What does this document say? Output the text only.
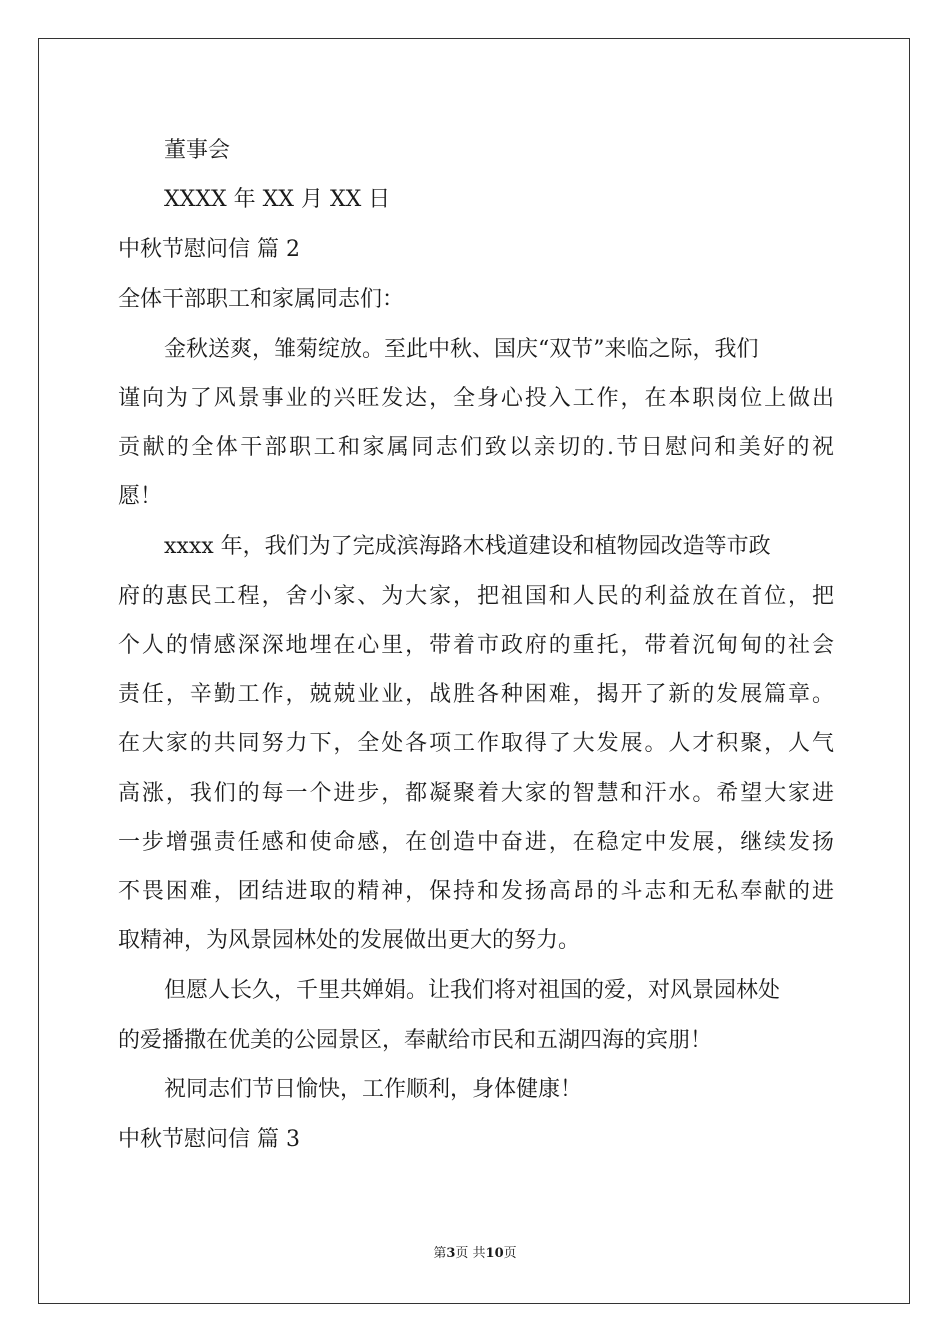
董事会
XXXX 年 XX 月 XX 日
中秋节慰问信 篇 2
全体干部职工和家属同志们：
金秋送爽，雏菊绽放。至此中秋、国庆“双节”来临之际，我们
谨向为了风景事业的兴旺发达，全身心投入工作，在本职岗位上做出
贡献的全体干部职工和家属同志们致以亲切的.节日慰问和美好的祝
愿！
xxxx 年，我们为了完成滨海路木栈道建设和植物园改造等市政
府的惠民工程，舍小家、为大家，把祖国和人民的利益放在首位，把
个人的情感深深地埋在心里，带着市政府的重托，带着沉甸甸的社会
责任，辛勤工作，兢兢业业，战胜各种困难，揭开了新的发展篇章。
在大家的共同努力下，全处各项工作取得了大发展。人才积聚，人气
高涨，我们的每一个进步，都凝聚着大家的智慧和汗水。希望大家进
一步增强责任感和使命感，在创造中奋进，在稳定中发展，继续发扬
不畏困难，团结进取的精神，保持和发扬高昂的斗志和无私奉献的进
取精神，为风景园林处的发展做出更大的努力。
但愿人长久，千里共婵娟。让我们将对祖国的爱，对风景园林处
的爱播撒在优美的公园景区，奉献给市民和五湖四海的宾朋！
祝同志们节日愉快，工作顺利，身体健康！
中秋节慰问信 篇 3
第3页 共10页
